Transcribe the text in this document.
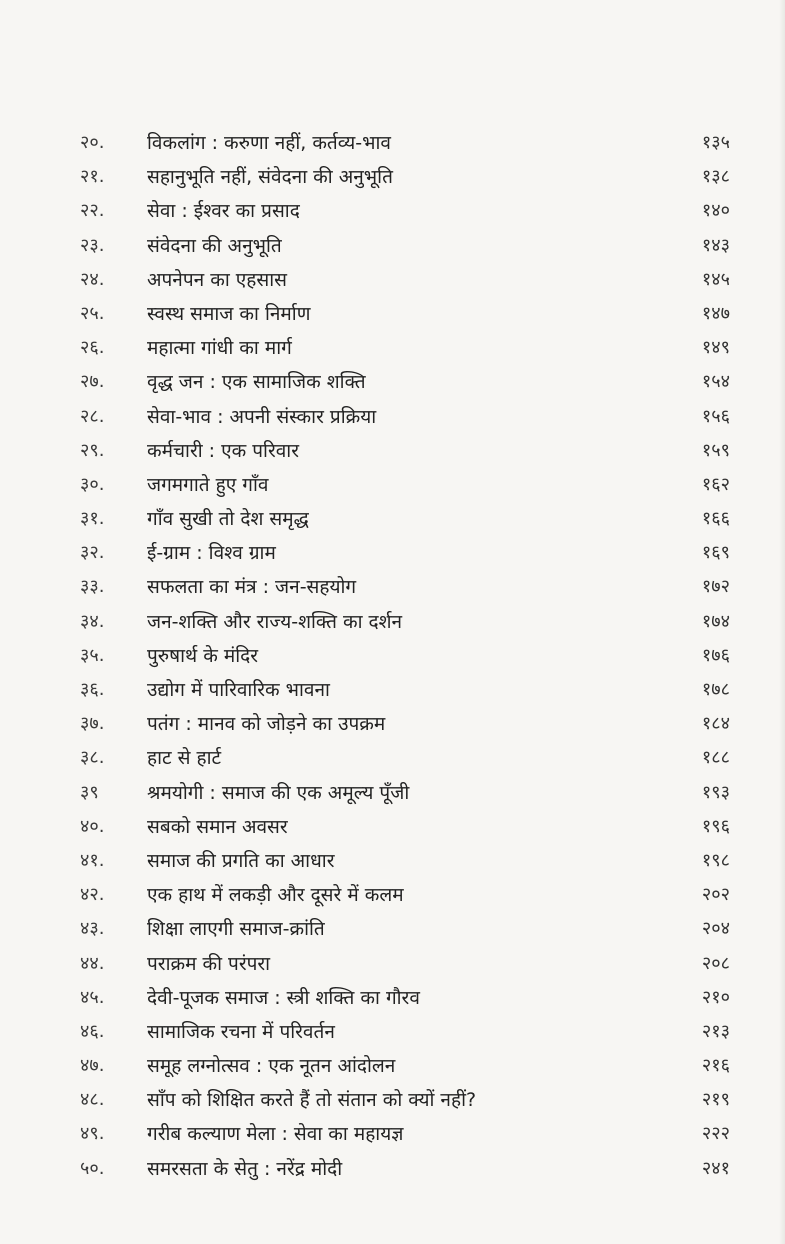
२०.	विकलांग : करुणा नहीं, कर्तव्य-भाव	१३५
२१.	सहानुभूति नहीं, संवेदना की अनुभूति	१३८
२२.	सेवा : ईश्वर का प्रसाद	१४०
२३.	संवेदना की अनुभूति	१४३
२४.	अपनेपन का एहसास	१४५
२५.	स्वस्थ समाज का निर्माण	१४७
२६.	महात्मा गांधी का मार्ग	१४९
२७.	वृद्ध जन : एक सामाजिक शक्ति	१५४
२८.	सेवा-भाव : अपनी संस्कार प्रक्रिया	१५६
२९.	कर्मचारी : एक परिवार	१५९
३०.	जगमगाते हुए गाँव	१६२
३१.	गाँव सुखी तो देश समृद्ध	१६६
३२.	ई-ग्राम : विश्व ग्राम	१६९
३३.	सफलता का मंत्र : जन-सहयोग	१७२
३४.	जन-शक्ति और राज्य-शक्ति का दर्शन	१७४
३५.	पुरुषार्थ के मंदिर	१७६
३६.	उद्योग में पारिवारिक भावना	१७८
३७.	पतंग : मानव को जोड़ने का उपक्रम	१८४
३८.	हाट से हार्ट	१८८
३९	श्रमयोगी : समाज की एक अमूल्य पूँजी	१९३
४०.	सबको समान अवसर	१९६
४१.	समाज की प्रगति का आधार	१९८
४२.	एक हाथ में लकड़ी और दूसरे में कलम	२०२
४३.	शिक्षा लाएगी समाज-क्रांति	२०४
४४.	पराक्रम की परंपरा	२०८
४५.	देवी-पूजक समाज : स्त्री शक्ति का गौरव	२१०
४६.	सामाजिक रचना में परिवर्तन	२१३
४७.	समूह लग्नोत्सव : एक नूतन आंदोलन	२१६
४८.	साँप को शिक्षित करते हैं तो संतान को क्यों नहीं?	२१९
४९.	गरीब कल्याण मेला : सेवा का महायज्ञ	२२२
५०.	समरसता के सेतु : नरेंद्र मोदी	२४१
